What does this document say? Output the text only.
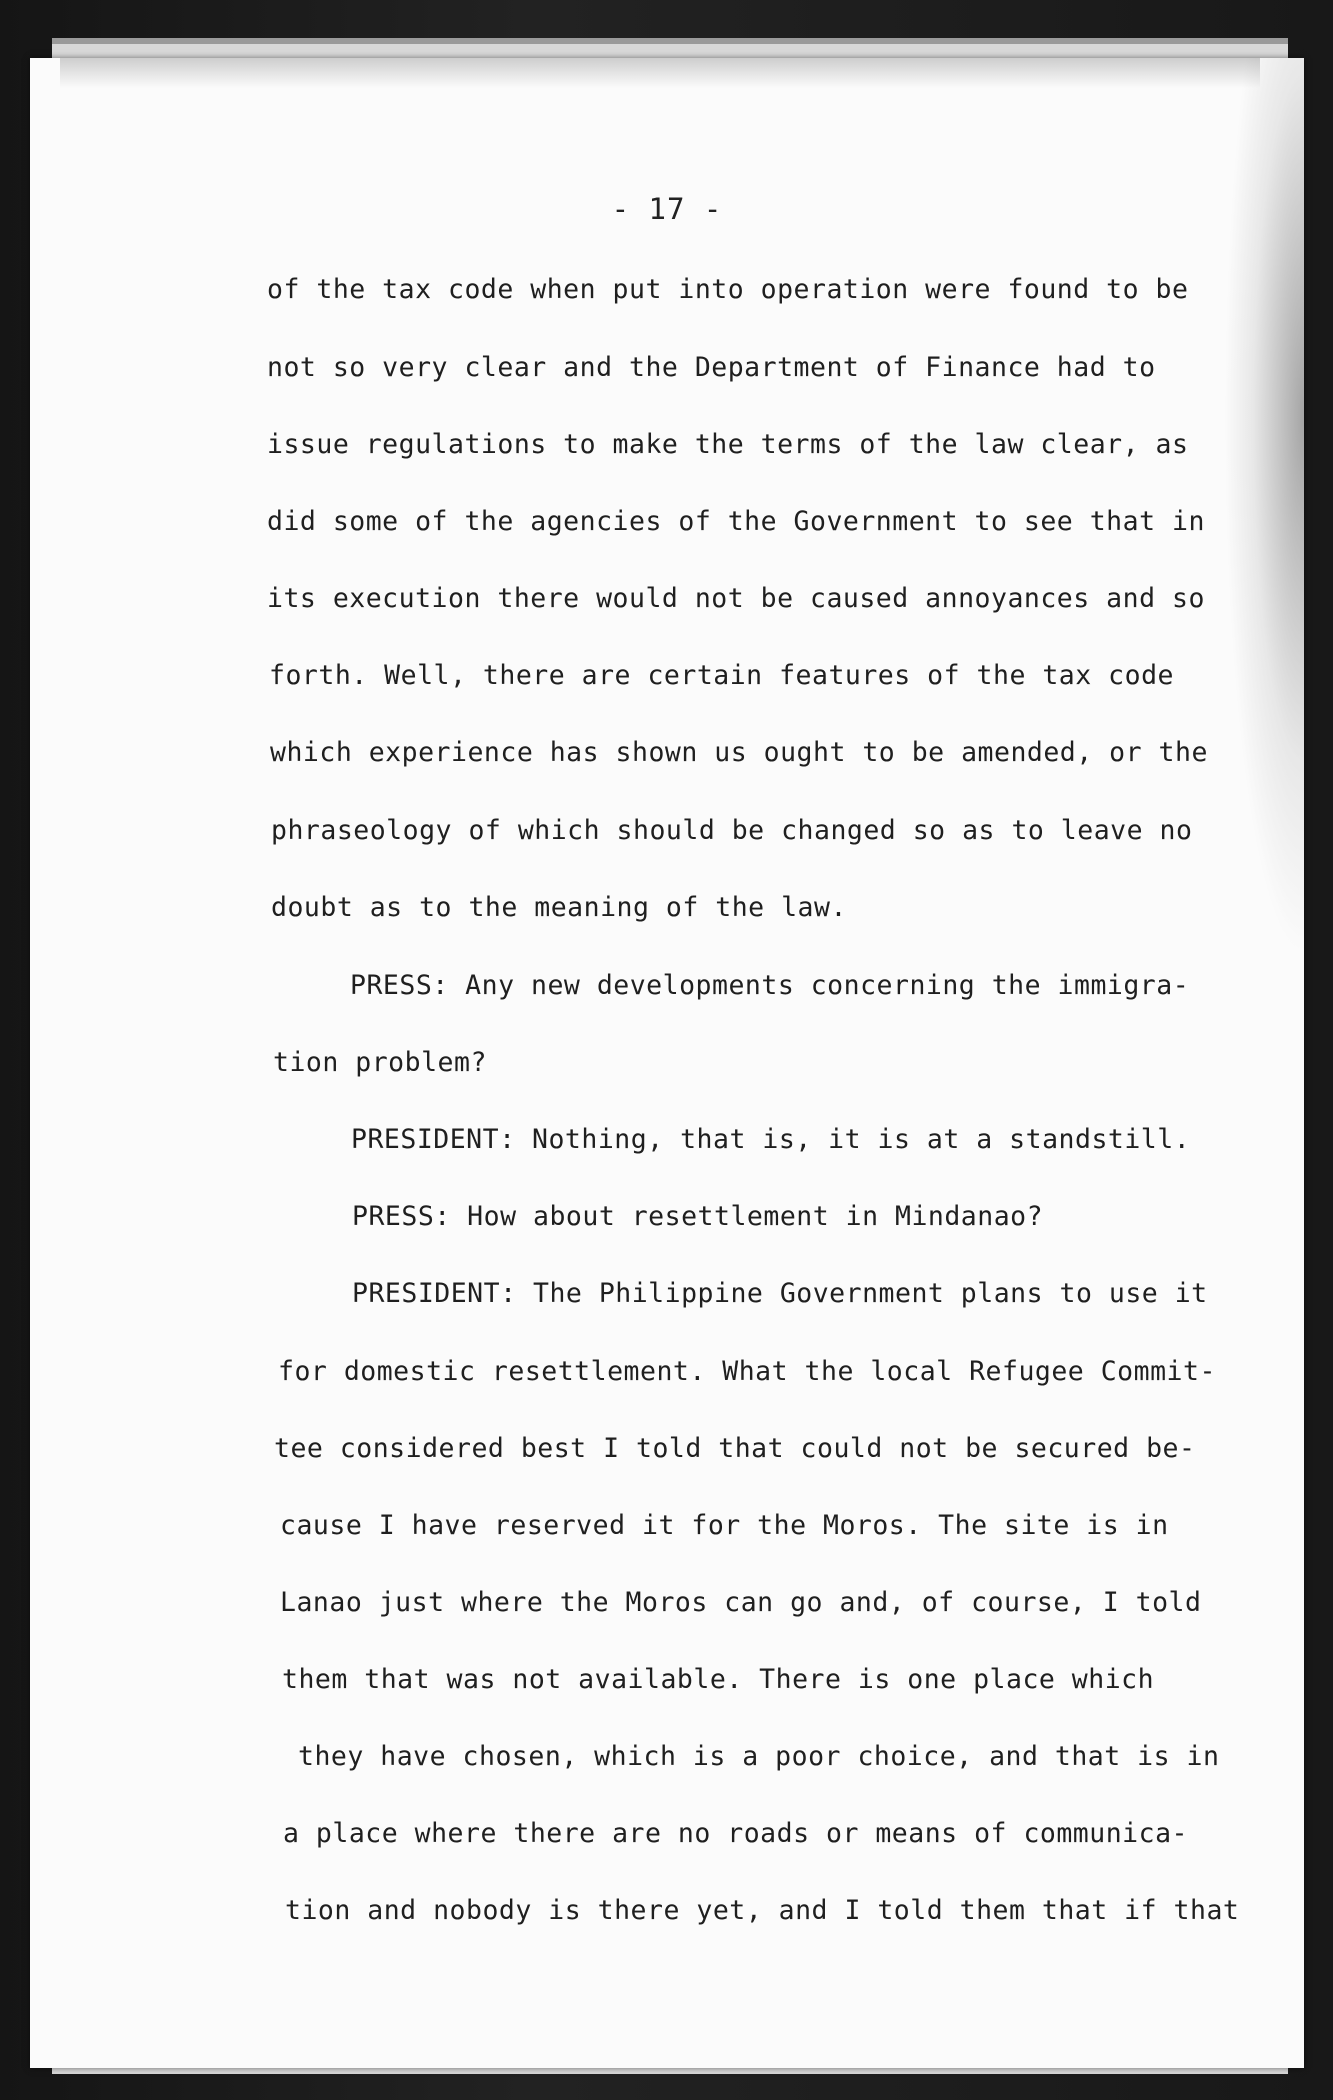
- 17 -
of the tax code when put into operation were found to be
not so very clear and the Department of Finance had to
issue regulations to make the terms of the law clear, as
did some of the agencies of the Government to see that in
its execution there would not be caused annoyances and so
forth. Well, there are certain features of the tax code
which experience has shown us ought to be amended, or the
phraseology of which should be changed so as to leave no
doubt as to the meaning of the law.
PRESS: Any new developments concerning the immigra-
tion problem?
PRESIDENT: Nothing, that is, it is at a standstill.
PRESS: How about resettlement in Mindanao?
PRESIDENT: The Philippine Government plans to use it
for domestic resettlement. What the local Refugee Commit-
tee considered best I told that could not be secured be-
cause I have reserved it for the Moros. The site is in
Lanao just where the Moros can go and, of course, I told
them that was not available. There is one place which
they have chosen, which is a poor choice, and that is in
a place where there are no roads or means of communica-
tion and nobody is there yet, and I told them that if that
